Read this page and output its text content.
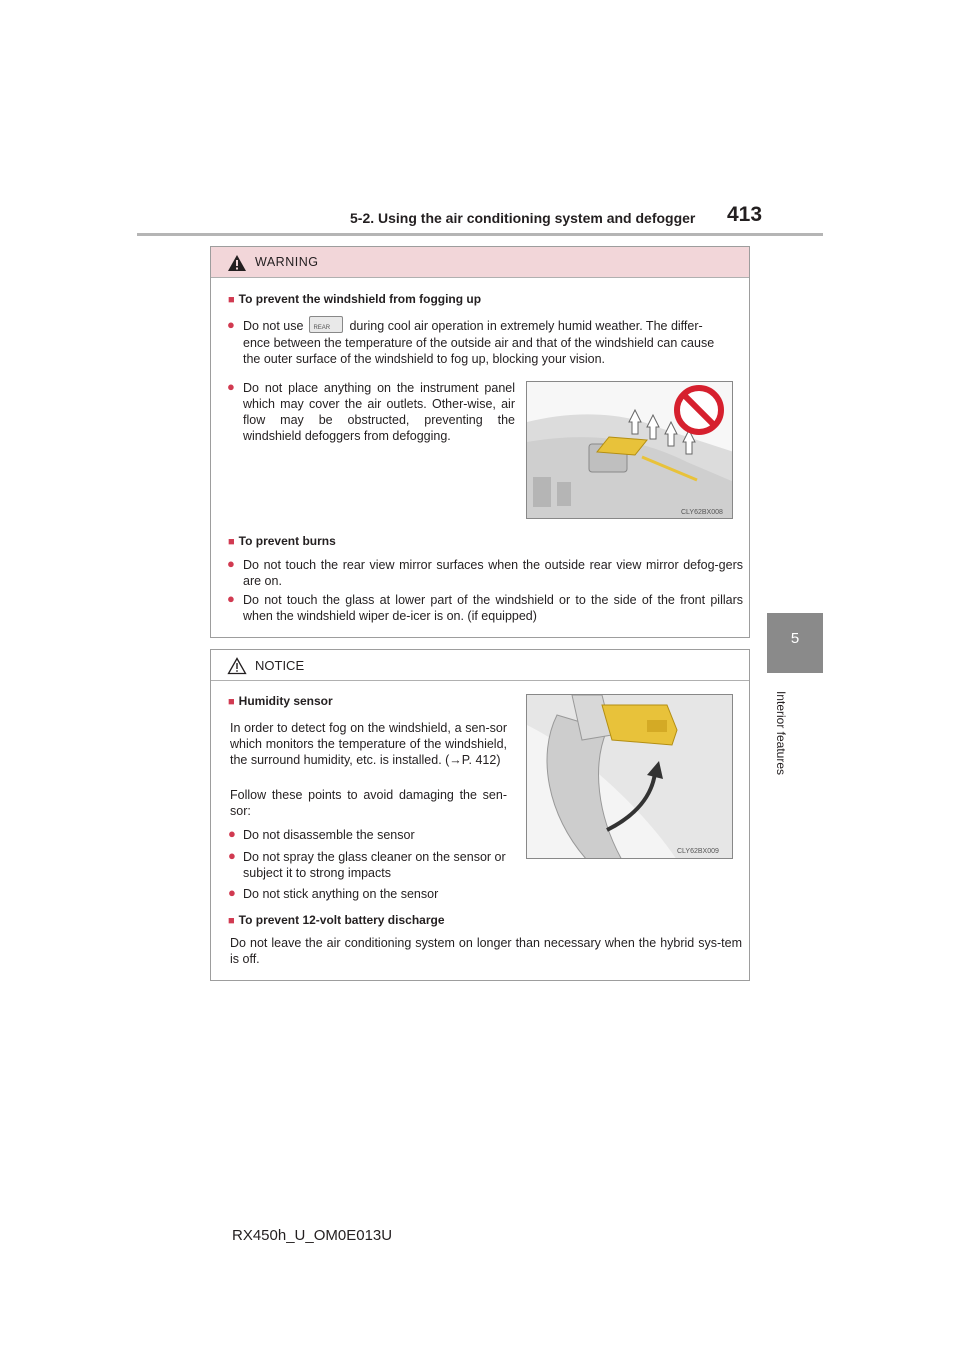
5-2. Using the air conditioning system and defogger 413
5
Interior features
WARNING
■ To prevent the windshield from fogging up
● Do not use REAR during cool air operation in extremely humid weather. The differ-
ence between the temperature of the outside air and that of the windshield can cause
the outer surface of the windshield to fog up, blocking your vision.
● Do not place anything on the instrument panel which may cover the air outlets. Other-wise, air flow may be obstructed, preventing the windshield defoggers from defogging.
CLY62BX008
■ To prevent burns
● Do not touch the rear view mirror surfaces when the outside rear view mirror defog-gers are on.
● Do not touch the glass at lower part of the windshield or to the side of the front pillars when the windshield wiper de-icer is on. (if equipped)
NOTICE
■ Humidity sensor
In order to detect fog on the windshield, a sen-sor which monitors the temperature of the windshield, the surround humidity, etc. is installed. (→P. 412)
Follow these points to avoid damaging the sen-sor:
● Do not disassemble the sensor
● Do not spray the glass cleaner on the sensor or subject it to strong impacts
● Do not stick anything on the sensor
CLY62BX009
■ To prevent 12-volt battery discharge
Do not leave the air conditioning system on longer than necessary when the hybrid sys-tem is off.
RX450h_U_OM0E013U
